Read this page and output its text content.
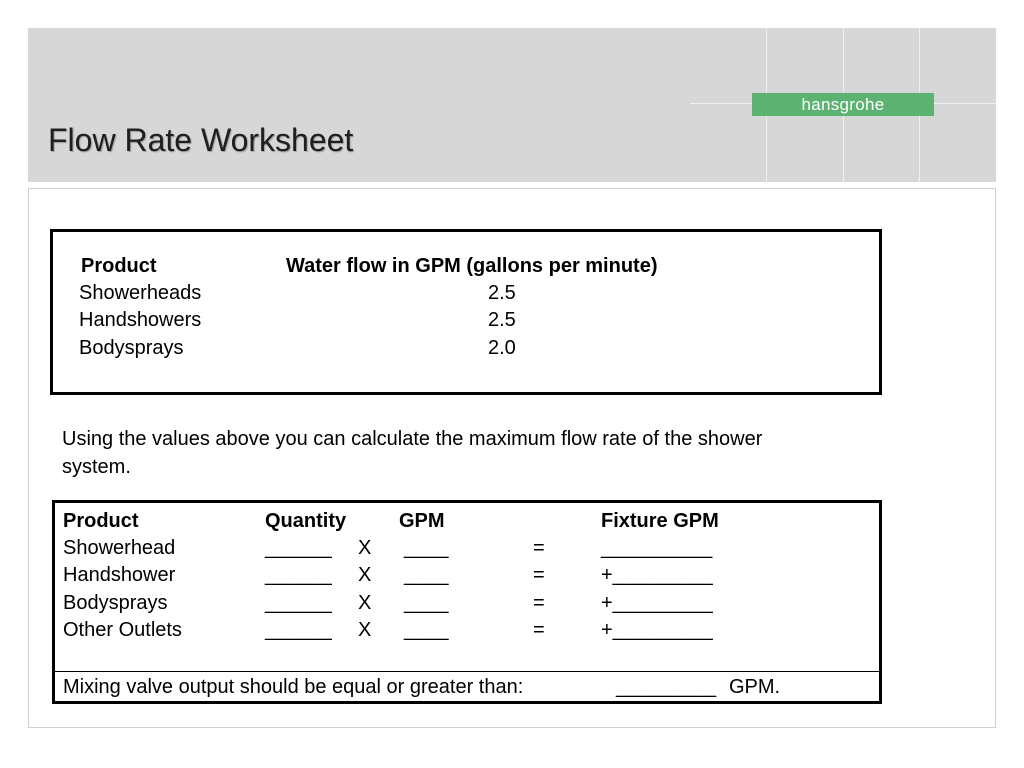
hansgrohe
Flow Rate Worksheet
Product	Water flow in GPM (gallons per minute)
Showerheads	2.5
Handshowers	2.5
Bodysprays	2.0
Using the values above you can calculate the maximum flow rate of the shower
system.
Product	Quantity	GPM	Fixture GPM
Showerhead	______ X ____	=	__________
Handshower	______ X ____	=	+_________
Bodysprays	______ X ____	=	+_________
Other Outlets	______ X ____	=	+_________
Mixing valve output should be equal or greater than:	_________ GPM.
